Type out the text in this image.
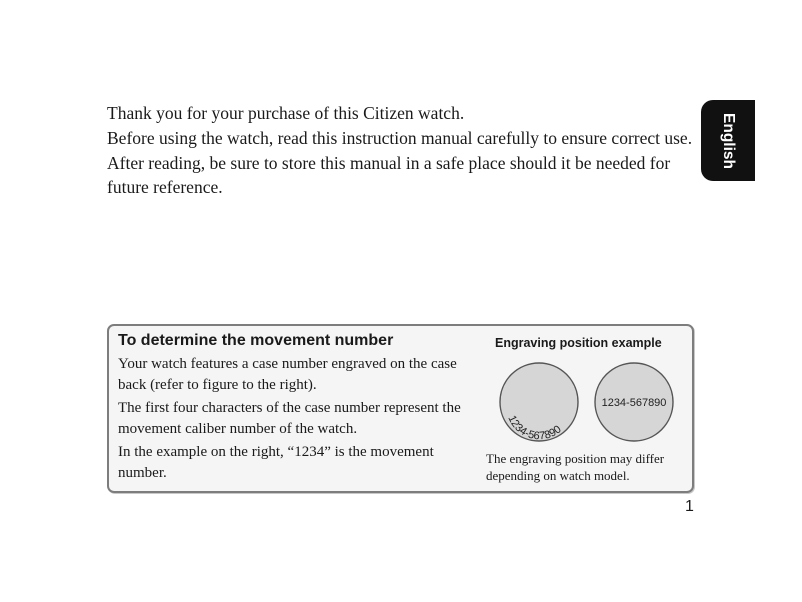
Thank you for your purchase of this Citizen watch.

Before using the watch, read this instruction manual carefully to ensure correct use.

After reading, be sure to store this manual in a safe place should it be needed for future reference.

English
To determine the movement number

Your watch features a case number engraved on the case back (refer to figure to the right).

The first four characters of the case number represent the movement caliber number of the watch.

In the example on the right, “1234” is the movement number.

Engraving position example
1234-567890
1234-567890
The engraving position may differ depending on watch model.
1
